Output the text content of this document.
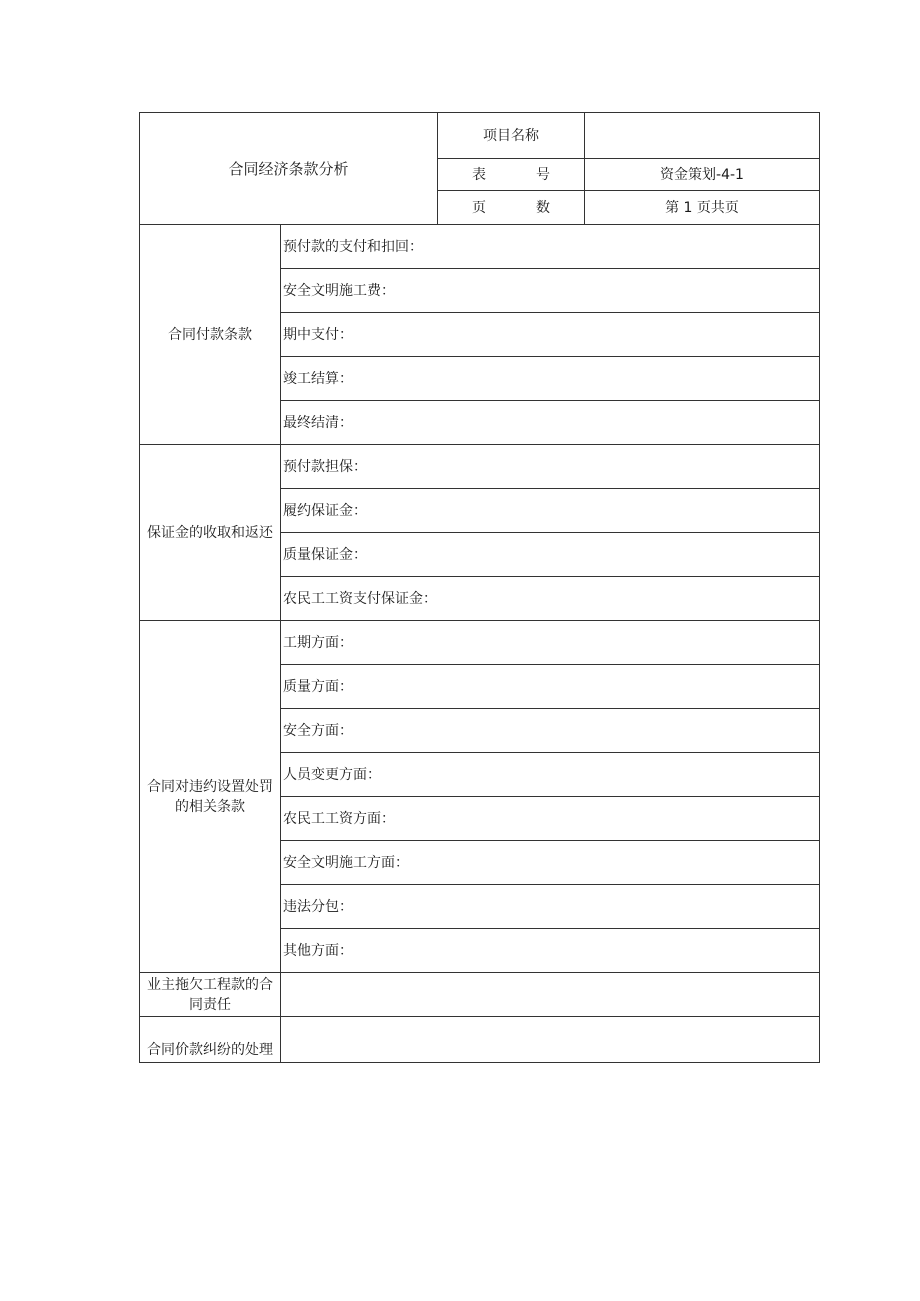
合同经济条款分析		项目名称	

		表 号	资金策划-4-1

		页 数	第 1 页共页
合同付款条款	预付款的支付和扣回：		
	安全文明施工费：		
	期中支付：		
	竣工结算：		
	最终结清：		
保证金的收取和返还	预付款担保：		
	履约保证金：		
	质量保证金：		
	农民工工资支付保证金：		
合同对违约设置处罚的相关条款	工期方面：		
	质量方面：		
	安全方面：		
	人员变更方面：		
	农民工工资方面：		
	安全文明施工方面：		
	违法分包：		
	其他方面：		
业主拖欠工程款的合同责任			
合同价款纠纷的处理			
